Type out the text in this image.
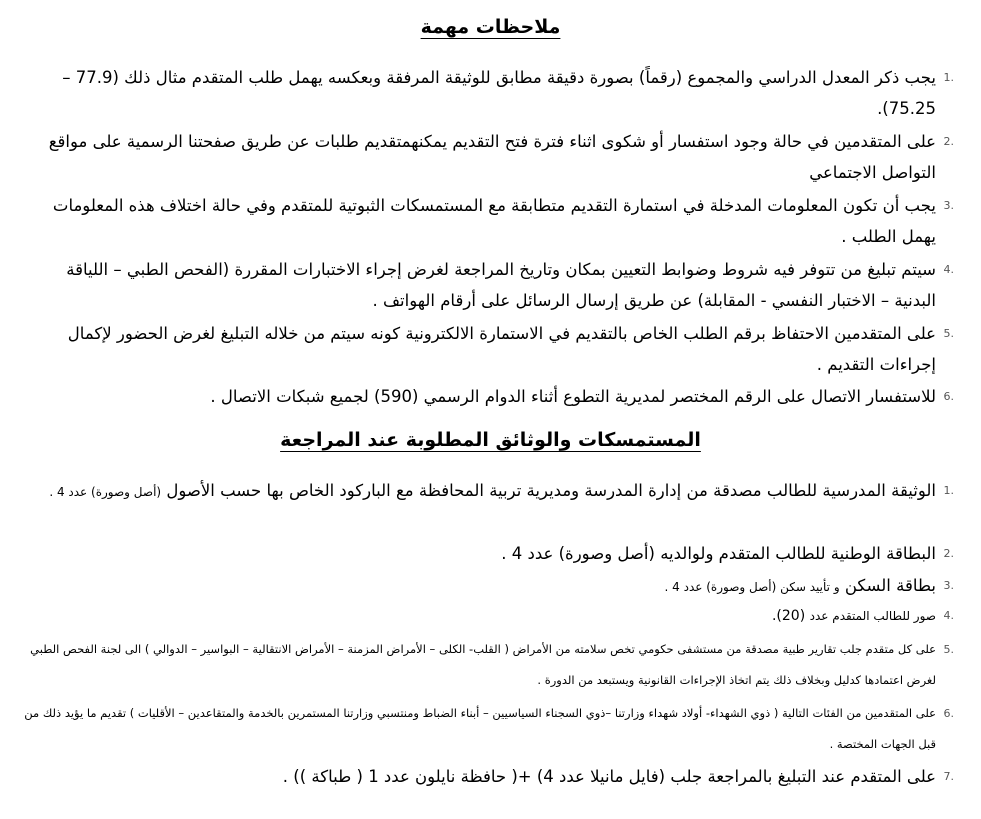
ملاحظات مهمة
1.
يجب ذكر المعدل الدراسي والمجموع (رقماً) بصورة دقيقة مطابق للوثيقة المرفقة وبعكسه يهمل طلب المتقدم مثال ذلك (77.9 –75.25).
2.
على المتقدمين في حالة وجود استفسار أو شكوى اثناء فترة فتح التقديم يمكنهمتقديم طلبات عن طريق صفحتنا الرسمية على مواقع التواصل الاجتماعي
3.
يجب أن تكون المعلومات المدخلة في استمارة التقديم متطابقة مع المستمسكات الثبوتية للمتقدم وفي حالة اختلاف هذه المعلومات يهمل الطلب .
4.
سيتم تبليغ من تتوفر فيه شروط وضوابط التعيين بمكان وتاريخ المراجعة لغرض إجراء الاختبارات المقررة (الفحص الطبي – اللياقة البدنية – الاختبار النفسي - المقابلة) عن طريق إرسال الرسائل على أرقام الهواتف .
5.
على المتقدمين الاحتفاظ برقم الطلب الخاص بالتقديم في الاستمارة الالكترونية كونه سيتم من خلاله التبليغ لغرض الحضور لإكمال إجراءات التقديم .
6.
للاستفسار الاتصال على الرقم المختصر لمديرية التطوع أثناء الدوام الرسمي (590) لجميع شبكات الاتصال .
المستمسكات والوثائق المطلوبة عند المراجعة
1.
الوثيقة المدرسية للطالب مصدقة من إدارة المدرسة ومديرية تربية المحافظة مع الباركود الخاص بها حسب الأصول (أصل وصورة) عدد 4 .
2.
البطاقة الوطنية للطالب المتقدم ولوالديه (أصل وصورة) عدد 4 .
3.
بطاقة السكن و تأييد سكن (أصل وصورة) عدد 4 .
4.
صور للطالب المتقدم عدد (20).
5.
على كل متقدم جلب تقارير طبية مصدقة من مستشفى حكومي تخص سلامته من الأمراض ( القلب- الكلى – الأمراض المزمنة – الأمراض الانتقالية – البواسير – الدوالي ) الى لجنة الفحص الطبي لغرض اعتمادها كدليل وبخلاف ذلك يتم اتخاذ الإجراءات القانونية ويستبعد من الدورة .
6.
على المتقدمين من الفئات التالية ( ذوي الشهداء- أولاد شهداء وزارتنا –ذوي السجناء السياسيين – أبناء الضباط ومنتسبي وزارتنا المستمرين بالخدمة والمتقاعدين – الأقليات ) تقديم ما يؤيد ذلك من قبل الجهات المختصة .
7.
على المتقدم عند التبليغ بالمراجعة جلب (فايل مانيلا عدد 4) +( حافظة نايلون عدد 1 ( طباكة )) .
